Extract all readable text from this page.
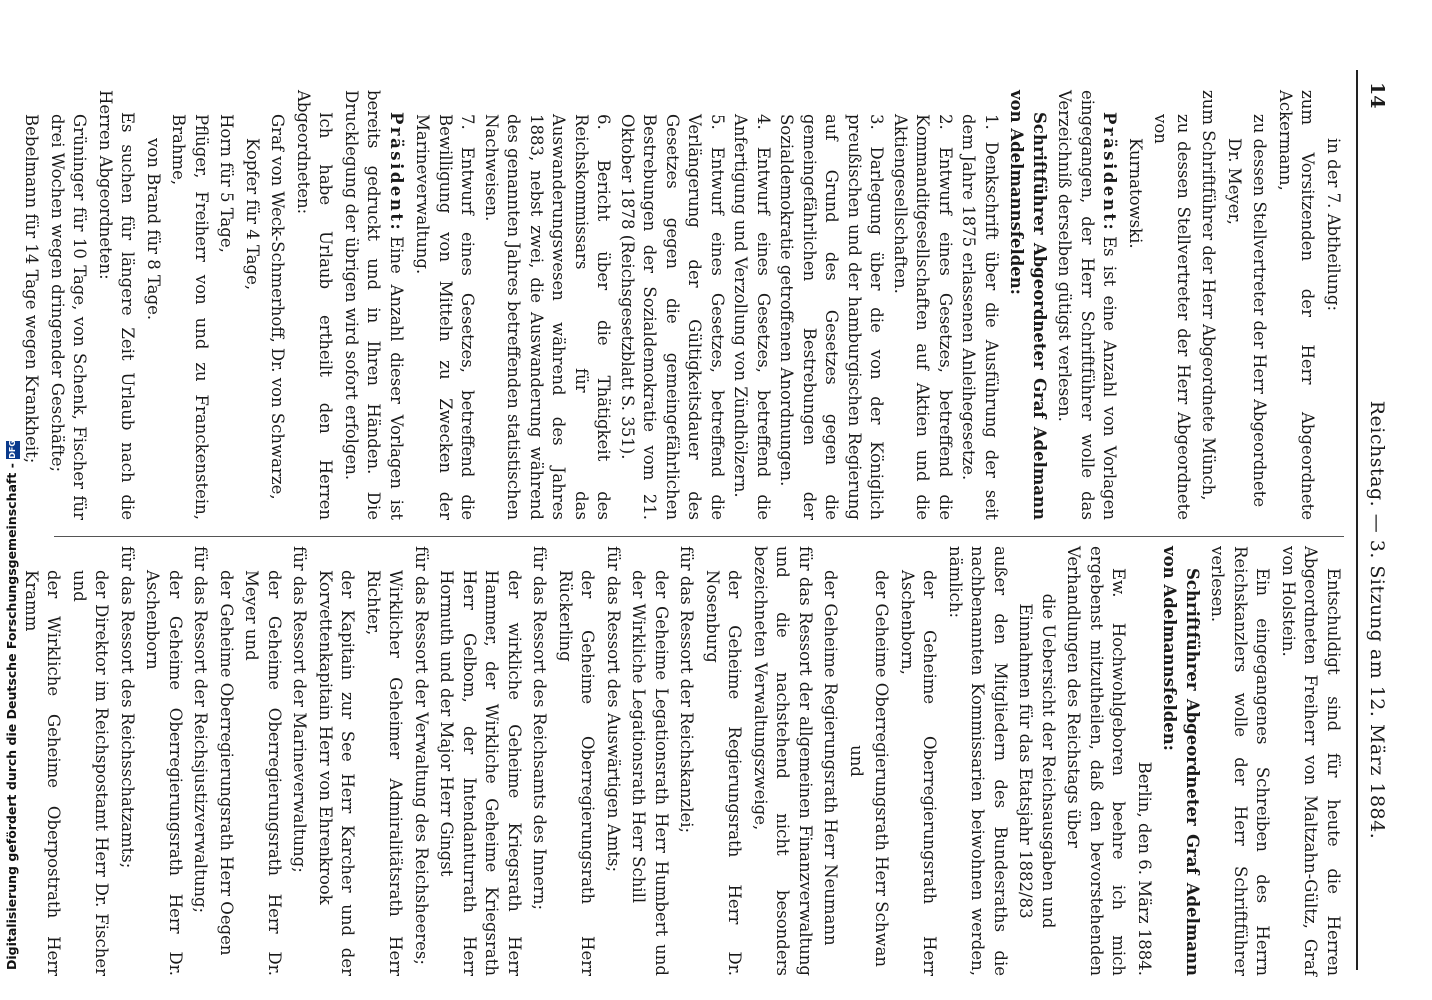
14
Reichstag. — 3. Sitzung am 12. März 1884.

in der 7. Abtheilung:

zum Vorsitzenden der Herr Abgeordnete Ackermann,

zu dessen Stellvertreter der Herr Abgeordnete

Dr. Meyer,

zum Schriftführer der Herr Abgeordnete Münch,

zu dessen Stellvertreter der Herr Abgeordnete von

Kurnatowski.

Präsident:Es ist eine Anzahl von Vorlagen eingegangen, der Herr Schriftführer wolle das Verzeichniß derselben gütigst verlesen.

Schriftführer Abgeordneter Graf Adelmann von Adelmannsfelden:

1. Denkschrift über die Ausführung der seit dem Jahre 1875 erlassenen Anleihegesetze.
2. Entwurf eines Gesetzes, betreffend die Kommanditgesellschaften auf Aktien und die Aktiengesellschaften.
3. Darlegung über die von der Königlich preußischen und der hamburgischen Regierung auf Grund des Gesetzes gegen die gemeingefährlichen Bestrebungen der Sozialdemokratie getroffenen Anordnungen.
4. Entwurf eines Gesetzes, betreffend die Anfertigung und Verzollung von Zündhölzern.
5. Entwurf eines Gesetzes, betreffend die Verlängerung der Gültigkeitsdauer des Gesetzes gegen die gemeingefährlichen Bestrebungen der Sozialdemokratie vom 21. Oktober 1878 (Reichsgesetzblatt S. 351).
6. Bericht über die Thätigkeit des Reichskommissars für das Auswanderungswesen während des Jahres 1883, nebst zwei, die Auswanderung während des genannten Jahres betreffenden statistischen Nachweisen.
7. Entwurf eines Gesetzes, betreffend die Bewilligung von Mitteln zu Zwecken der Marineverwaltung.

Präsident:Eine Anzahl dieser Vorlagen ist bereits gedruckt und in Ihren Händen. Die Drucklegung der übrigen wird sofort erfolgen.

Ich habe Urlaub ertheilt den Herren Abgeordneten:

Graf von Weck-Schmerhoff, Dr. von Schwarze,

Kopfer für 4 Tage,

Horn für 5 Tage,

Pflüger, Freiherr von und zu Franckenstein, Brahme,

von Brand für 8 Tage.

Es suchen für längere Zeit Urlaub nach die Herren Abgeordneten:

Grüninger für 10 Tage, von Schenk, Fischer für drei Wochen wegen dringender Geschäfte;

Bebelmann für 14 Tage wegen Krankheit;

Entschuldigt sind für heute die Herren Abgeordneten Freiherr von Maltzahn-Gültz, Graf von Holstein.

Ein eingegangenes Schreiben des Herrn Reichskanzlers wolle der Herr Schriftführer verlesen.

Schriftführer Abgeordneter Graf Adelmann von Adelmannsfelden:

Berlin, den 6. März 1884.

Ew. Hochwohlgeboren beehre ich mich ergebenst mitzutheilen, daß den bevorstehenden Verhandlungen des Reichstags über

die Uebersicht der Reichsausgaben und Einnahmen für das Etatsjahr 1882/83

außer den Mitgliedern des Bundesraths die nachbenannten Kommissarien beiwohnen werden, nämlich:

der Geheime Oberregierungsrath Herr Aschenborn,

der Geheime Oberregierungsrath Herr Schwan

und

der Geheime Regierungsrath Herr Neumann

für das Ressort der allgemeinen Finanzverwaltung und die nachstehend nicht besonders bezeichneten Verwaltungszweige,

der Geheime Regierungsrath Herr Dr. Nosenburg

für das Ressort der Reichskanzlei;

der Geheime Legationsrath Herr Humbert und der Wirkliche Legationsrath Herr Schill

für das Ressort des Auswärtigen Amts;

der Geheime Oberregierungsrath Herr Rückerling

für das Ressort des Reichsamts des Innern;

der wirkliche Geheime Kriegsrath Herr Hammer, der Wirkliche Geheime Kriegsrath Herr Gelbom, der Intendanturrath Herr Hormuth und der Major Herr Gingst

für das Ressort der Verwaltung des Reichsheeres;

Wirklicher Geheimer Admiralitätsrath Herr Richter,

der Kapitain zur See Herr Karcher und der Korvettenkapitain Herr von Ehrenkrook

für das Ressort der Marineverwaltung;

der Geheime Oberregierungsrath Herr Dr. Meyer und

der Geheime Oberregierungsrath Herr Oegen

für das Ressort der Reichsjustizverwaltung;

der Geheime Oberregierungsrath Herr Dr. Aschenborn

für das Ressort des Reichsschatzamts;

der Direktor im Reichspostamt Herr Dr. Fischer und

der Wirkliche Geheime Oberpostrath Herr Kramm

Digitalisierung gefördert durch die Deutsche Forschungsgemeinschaft - DFG
